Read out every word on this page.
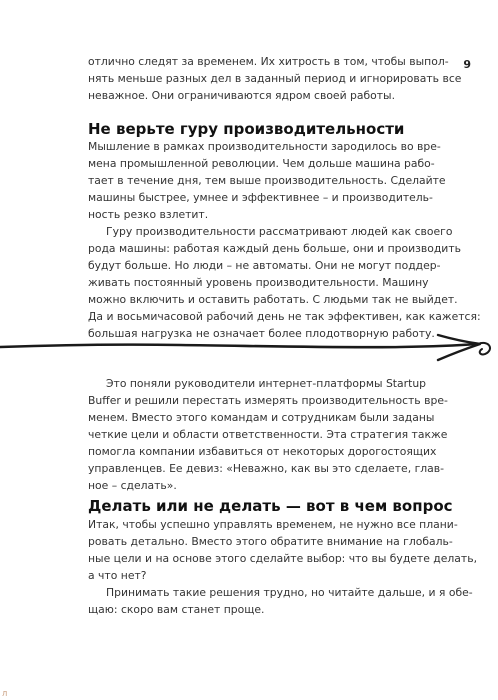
9
отлично следят за временем. Их хитрость в том, чтобы выпол-
нять меньше разных дел в заданный период и игнорировать все
неважное. Они ограничиваются ядром своей работы.
Не верьте гуру производительности
Мышление в рамках производительности зародилось во вре-
мена промышленной революции. Чем дольше машина рабо-
тает в течение дня, тем выше производительность. Сделайте
машины быстрее, умнее и эффективнее – и производитель-
ность резко взлетит.
Гуру производительности рассматривают людей как своего
рода машины: работая каждый день больше, они и производить
будут больше. Но люди – не автоматы. Они не могут поддер-
живать постоянный уровень производительности. Машину
можно включить и оставить работать. С людьми так не выйдет.
Да и восьмичасовой рабочий день не так эффективен, как кажется:
большая нагрузка не означает более плодотворную работу.
Это поняли руководители интернет-платформы Startup
Buffer и решили перестать измерять производительность вре-
менем. Вместо этого командам и сотрудникам были заданы
четкие цели и области ответственности. Эта стратегия также
помогла компании избавиться от некоторых дорогостоящих
управленцев. Ее девиз: «Неважно, как вы это сделаете, глав-
ное – сделать».
Делать или не делать — вот в чем вопрос
Итак, чтобы успешно управлять временем, не нужно все плани-
ровать детально. Вместо этого обратите внимание на глобаль-
ные цели и на основе этого сделайте выбор: что вы будете делать,
а что нет?
Принимать такие решения трудно, но читайте дальше, и я обе-
щаю: скоро вам станет проще.
Л
